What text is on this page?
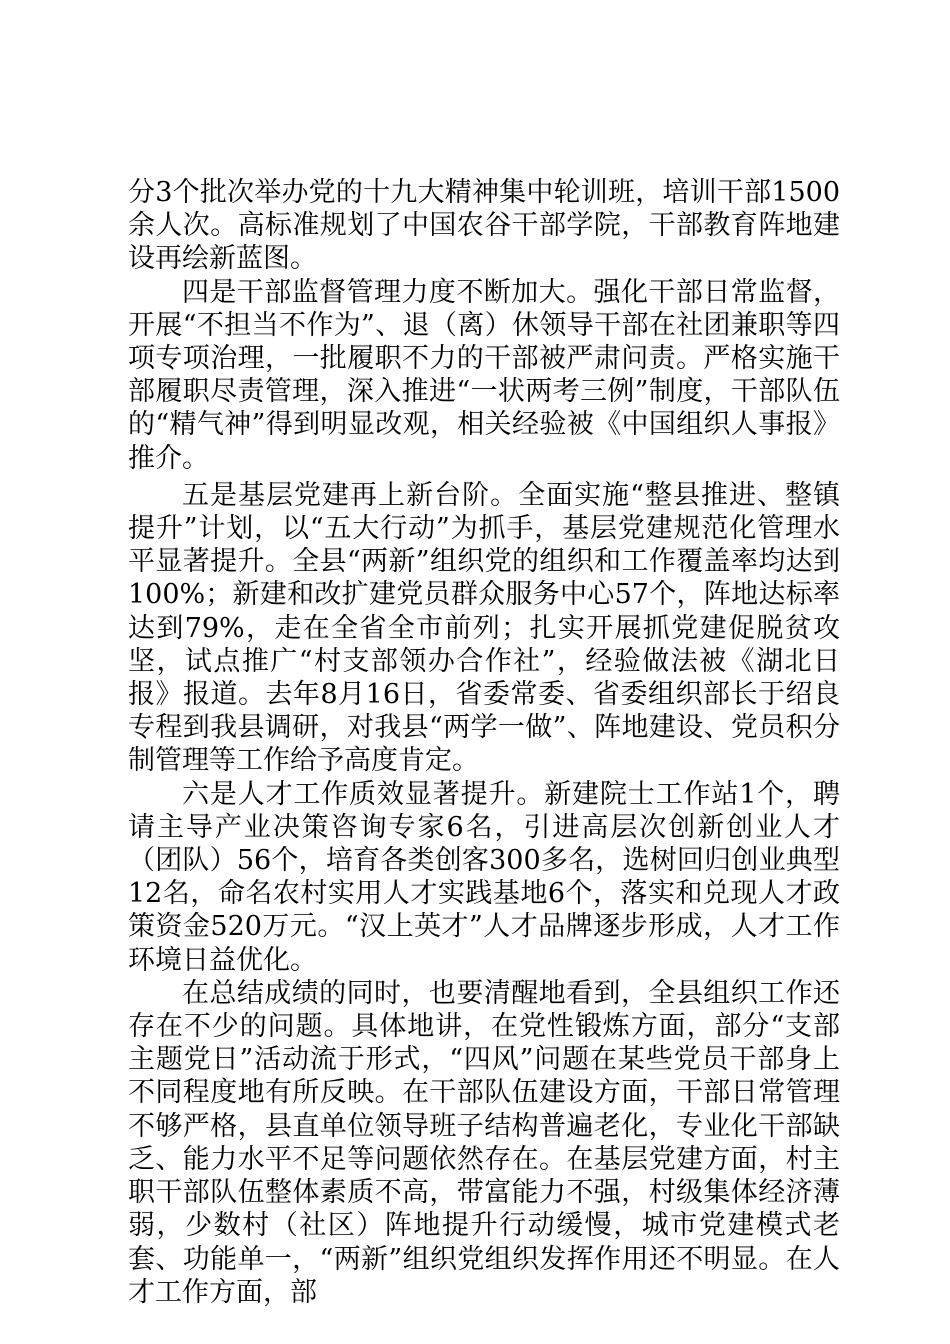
分3个批次举办党的十九大精神集中轮训班，培训干部1500余人次。高标准规划了中国农谷干部学院，干部教育阵地建设再绘新蓝图。

四是干部监督管理力度不断加大。强化干部日常监督，开展“不担当不作为”、退（离）休领导干部在社团兼职等四项专项治理，一批履职不力的干部被严肃问责。严格实施干部履职尽责管理，深入推进“一状两考三例”制度，干部队伍的“精气神”得到明显改观，相关经验被《中国组织人事报》推介。

五是基层党建再上新台阶。全面实施“整县推进、整镇提升”计划，以“五大行动”为抓手，基层党建规范化管理水平显著提升。全县“两新”组织党的组织和工作覆盖率均达到100%；新建和改扩建党员群众服务中心57个，阵地达标率达到79%，走在全省全市前列；扎实开展抓党建促脱贫攻坚，试点推广“村支部领办合作社”，经验做法被《湖北日报》报道。去年8月16日，省委常委、省委组织部长于绍良专程到我县调研，对我县“两学一做”、阵地建设、党员积分制管理等工作给予高度肯定。

六是人才工作质效显著提升。新建院士工作站1个，聘请主导产业决策咨询专家6名，引进高层次创新创业人才（团队）56个，培育各类创客300多名，选树回归创业典型12名，命名农村实用人才实践基地6个，落实和兑现人才政策资金520万元。“汉上英才”人才品牌逐步形成，人才工作环境日益优化。

在总结成绩的同时，也要清醒地看到，全县组织工作还存在不少的问题。具体地讲，在党性锻炼方面，部分“支部主题党日”活动流于形式，“四风”问题在某些党员干部身上不同程度地有所反映。在干部队伍建设方面，干部日常管理不够严格，县直单位领导班子结构普遍老化，专业化干部缺乏、能力水平不足等问题依然存在。在基层党建方面，村主职干部队伍整体素质不高，带富能力不强，村级集体经济薄弱，少数村（社区）阵地提升行动缓慢，城市党建模式老套、功能单一，“两新”组织党组织发挥作用还不明显。在人才工作方面，部
